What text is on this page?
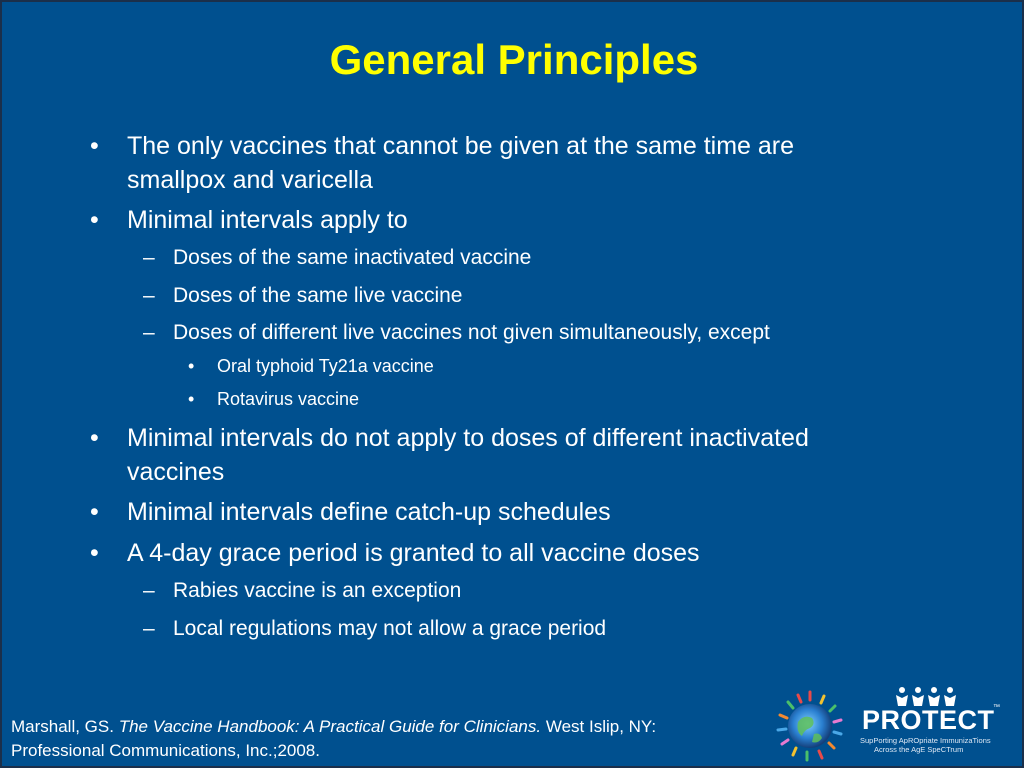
General Principles
• The only vaccines that cannot be given at the same time are
smallpox and varicella
• Minimal intervals apply to
– Doses of the same inactivated vaccine
– Doses of the same live vaccine
– Doses of different live vaccines not given simultaneously, except
• Oral typhoid Ty21a vaccine
• Rotavirus vaccine
• Minimal intervals do not apply to doses of different inactivated
vaccines
• Minimal intervals define catch-up schedules
• A 4-day grace period is granted to all vaccine doses
– Rabies vaccine is an exception
– Local regulations may not allow a grace period
Marshall, GS. The Vaccine Handbook: A Practical Guide for Clinicians. West Islip, NY:
Professional Communications, Inc.;2008.
PROTECT
™
SupPorting ApROpriate ImmunizaTions
Across the AgE SpeCTrum
